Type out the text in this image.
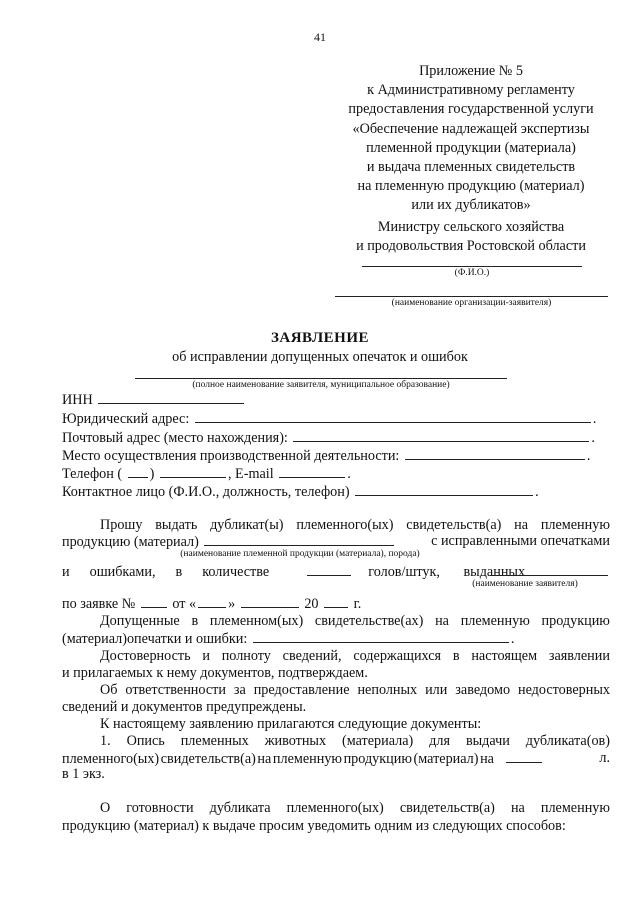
41
Приложение № 5
к Административному регламенту
предоставления государственной услуги
«Обеспечение надлежащей экспертизы
племенной продукции (материала)
и выдача племенных свидетельств
на племенную продукцию (материал)
или их дубликатов»
Министру сельского хозяйства
и продовольствия Ростовской области
(Ф.И.О.)
(наименование организации-заявителя)
ЗАЯВЛЕНИЕ
об исправлении допущенных опечаток и ошибок
(полное наименование заявителя, муниципальное образование)
ИНН
Юридический адрес:	.
Почтовый адрес (место нахождения):	.
Место осуществления производственной деятельности:	.
Телефон ( )	, E-mail	.
Контактное лицо (Ф.И.О., должность, телефон)	.
Прошу выдать дубликат(ы) племенного(ых) свидетельств(а) на племенную
продукцию (материал)	с исправленными опечатками
(наименование племенной продукции (материала), порода)
и ошибками, в количестве	голов/штук, выданных
(наименование заявителя)
по заявке №	от « »	20 г.
Допущенные в племенном(ых) свидетельстве(ах) на племенную продукцию
(материал)опечатки и ошибки:	.
Достоверность и полноту сведений, содержащихся в настоящем заявлении
и прилагаемых к нему документов, подтверждаем.
Об ответственности за предоставление неполных или заведомо недостоверных
сведений и документов предупреждены.
К настоящему заявлению прилагаются следующие документы:
1. Опись племенных животных (материала) для выдачи дубликата(ов)
племенного(ых) свидетельств(а) на племенную продукцию (материал) на
	л.
в 1 экз.
О готовности дубликата племенного(ых) свидетельств(а) на племенную
продукцию (материал) к выдаче просим уведомить одним из следующих способов:
